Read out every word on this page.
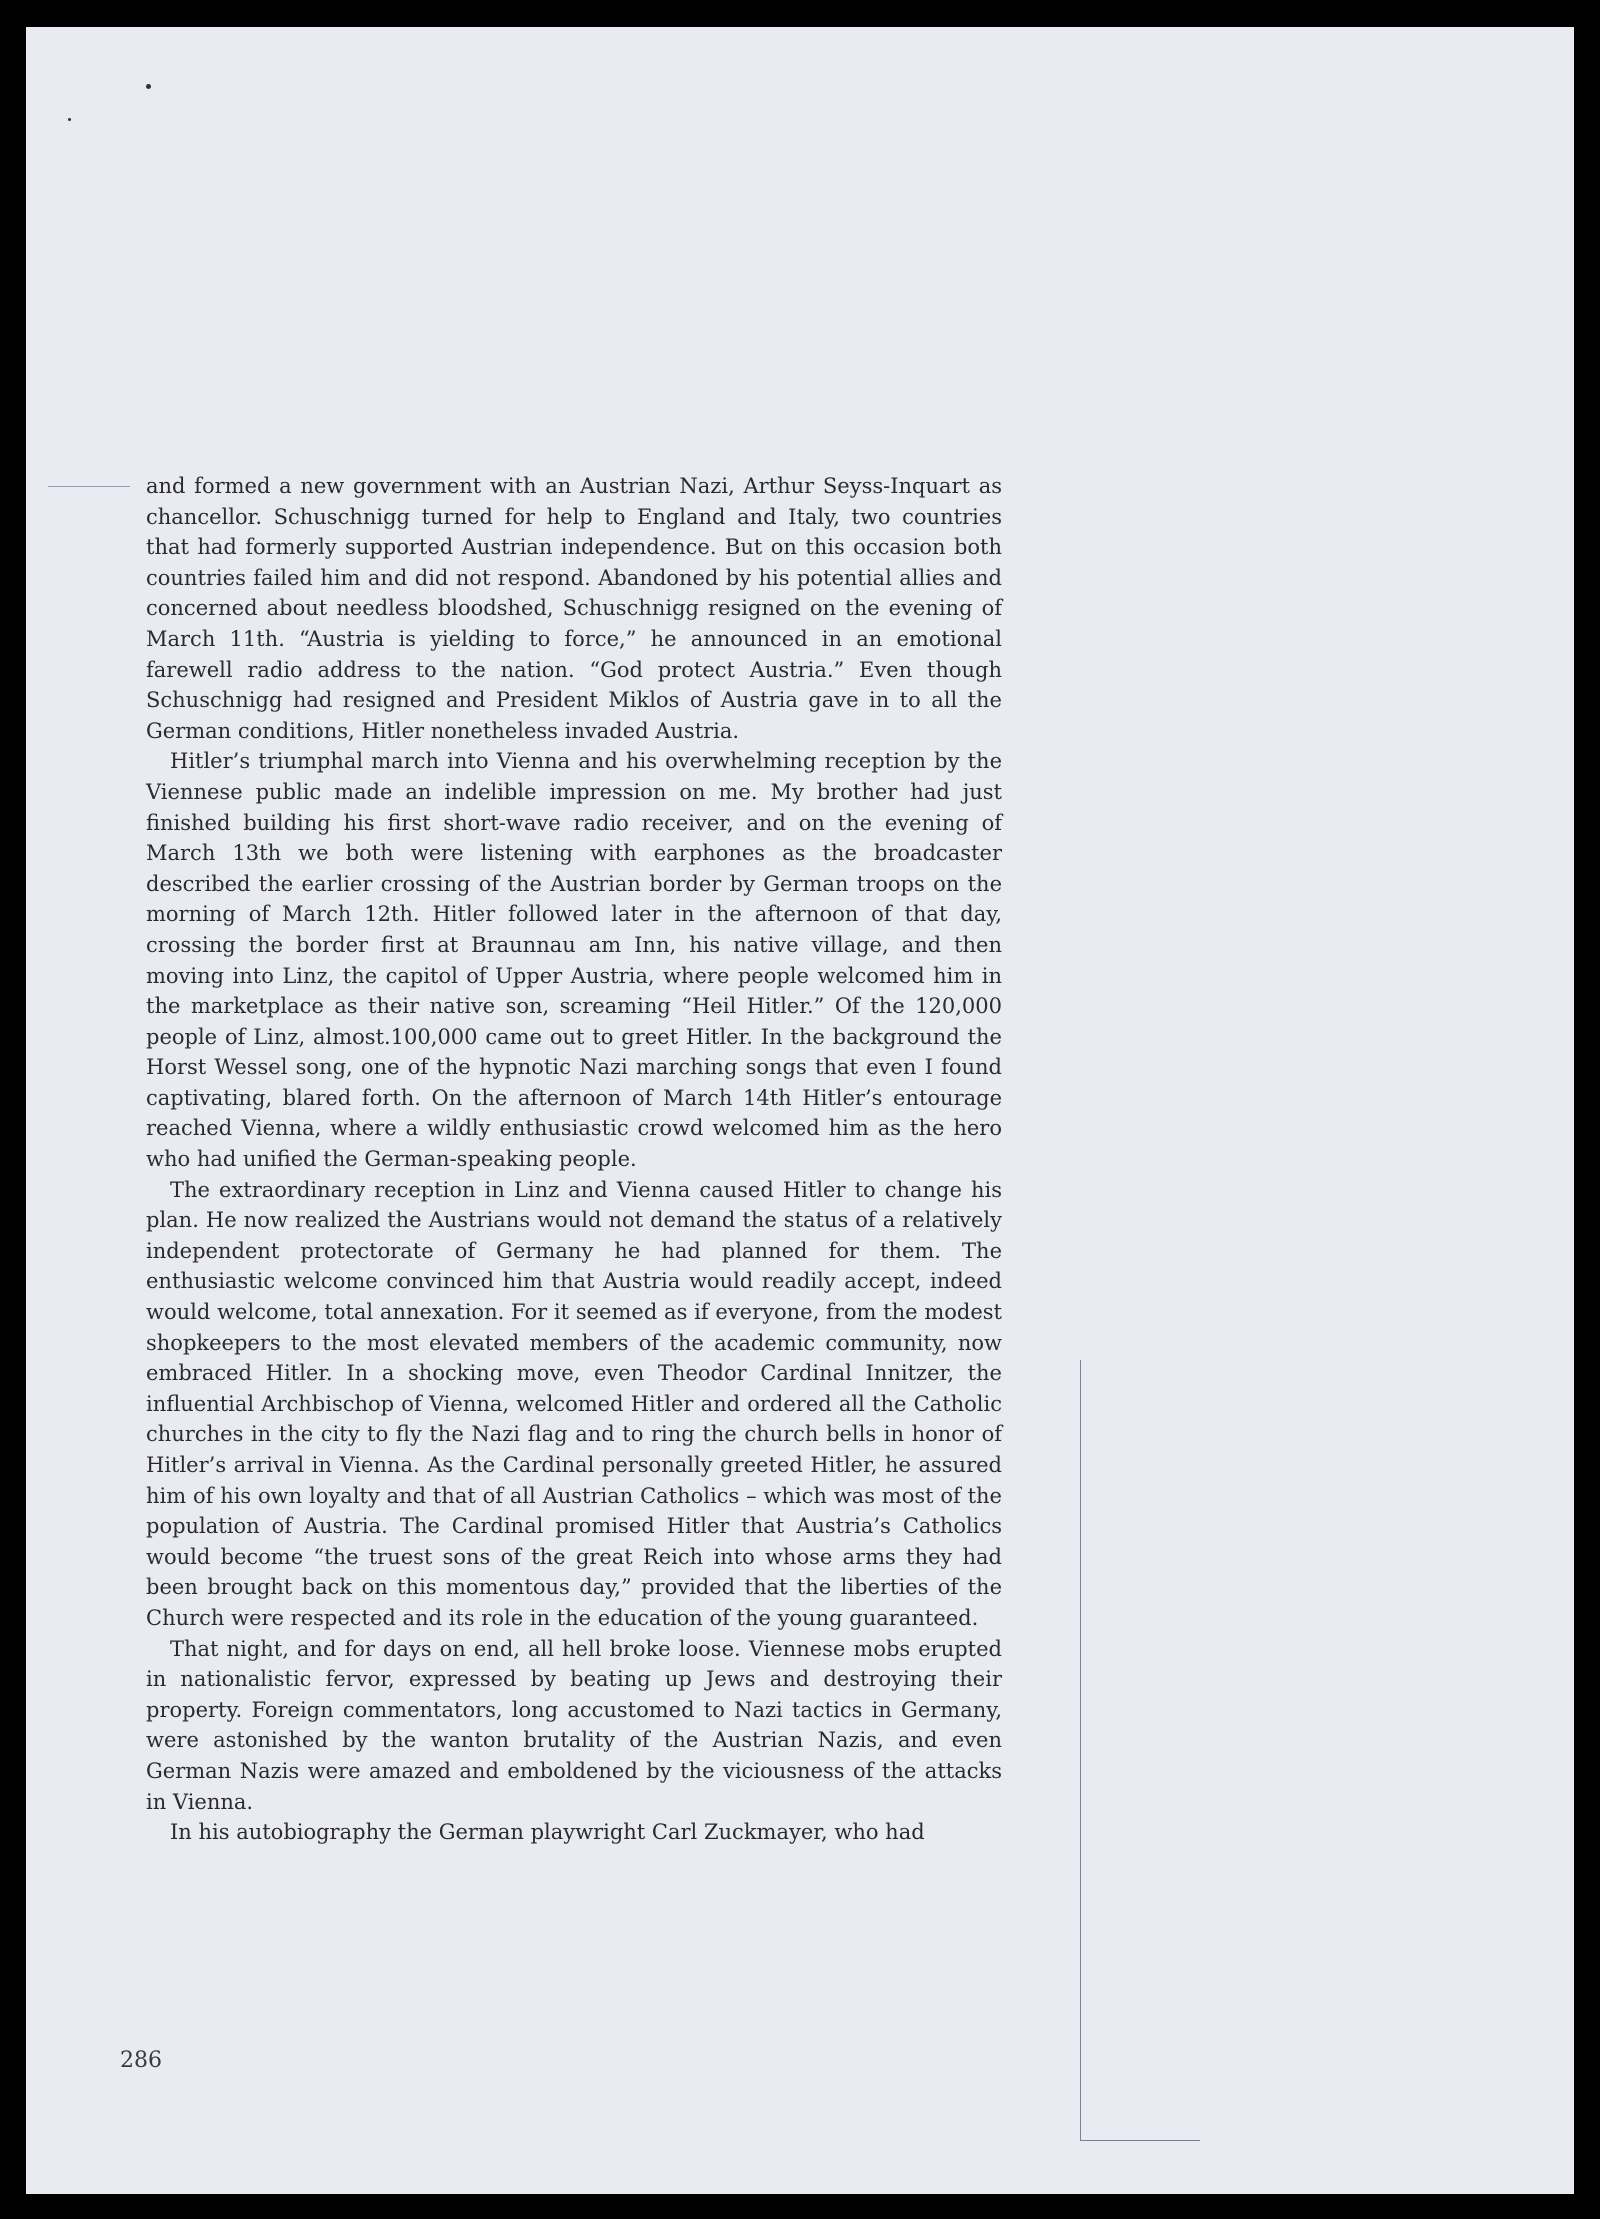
and formed a new government with an Austrian Nazi, Arthur Seyss-Inquart as chancellor. Schuschnigg turned for help to England and Italy, two countries that had formerly supported Austrian independence. But on this occasion both countries failed him and did not respond. Abandoned by his potential allies and concerned about needless bloodshed, Schuschnigg resigned on the evening of March 11th. “Austria is yielding to force,” he announced in an emotional farewell radio address to the nation. “God protect Austria.” Even though Schuschnigg had resigned and President Miklos of Austria gave in to all the German conditions, Hitler nonetheless invaded Austria.

Hitler’s triumphal march into Vienna and his overwhelming reception by the Viennese public made an indelible impression on me. My brother had just finished building his first short-wave radio receiver, and on the evening of March 13th we both were listening with earphones as the broadcaster described the earlier crossing of the Austrian border by German troops on the morning of March 12th. Hitler followed later in the afternoon of that day, crossing the border first at Braunnau am Inn, his native village, and then moving into Linz, the capitol of Upper Austria, where people welcomed him in the marketplace as their native son, screaming “Heil Hitler.” Of the 120,000 people of Linz, almost.100,000 came out to greet Hitler. In the background the Horst Wessel song, one of the hypnotic Nazi marching songs that even I found captivating, blared forth. On the afternoon of March 14th Hitler’s entourage reached Vienna, where a wildly enthusiastic crowd welcomed him as the hero who had unified the German-speaking people.

The extraordinary reception in Linz and Vienna caused Hitler to change his plan. He now realized the Austrians would not demand the status of a relatively independent protectorate of Germany he had planned for them. The enthusiastic welcome convinced him that Austria would readily accept, indeed would welcome, total annexation. For it seemed as if everyone, from the modest shopkeepers to the most elevated members of the academic community, now embraced Hitler. In a shocking move, even Theodor Cardinal Innitzer, the influential Archbischop of Vienna, welcomed Hitler and ordered all the Catholic churches in the city to fly the Nazi flag and to ring the church bells in honor of Hitler’s arrival in Vienna. As the Cardinal personally greeted Hitler, he assured him of his own loyalty and that of all Austrian Catholics – which was most of the population of Austria. The Cardinal promised Hitler that Austria’s Catholics would become “the truest sons of the great Reich into whose arms they had been brought back on this momentous day,” provided that the liberties of the Church were respected and its role in the education of the young guaranteed.

That night, and for days on end, all hell broke loose. Viennese mobs erupted in nationalistic fervor, expressed by beating up Jews and destroying their property. Foreign commentators, long accustomed to Nazi tactics in Germany, were astonished by the wanton brutality of the Austrian Nazis, and even German Nazis were amazed and emboldened by the viciousness of the attacks in Vienna.

In his autobiography the German playwright Carl Zuckmayer, who had

286
